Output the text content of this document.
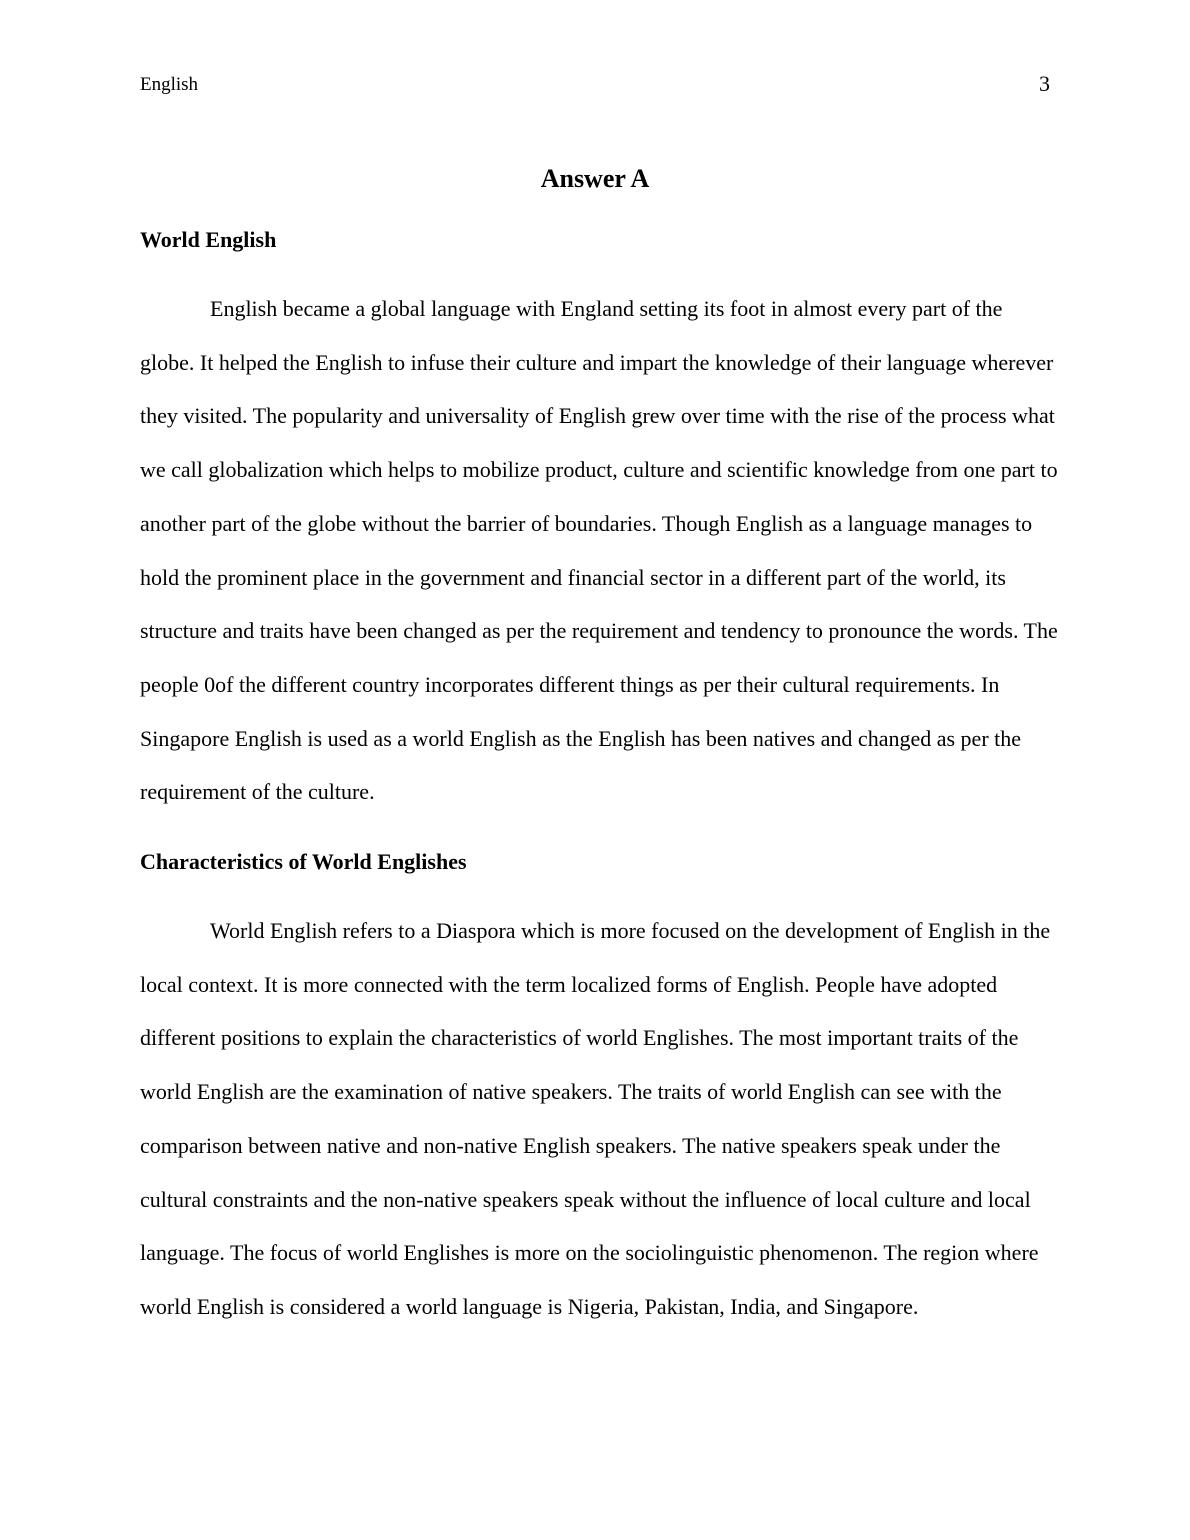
English	3
Answer A
World English

English became a global language with England setting its foot in almost every part of the globe. It helped the English to infuse their culture and impart the knowledge of their language wherever they visited. The popularity and universality of English grew over time with the rise of the process what we call globalization which helps to mobilize product, culture and scientific knowledge from one part to another part of the globe without the barrier of boundaries. Though English as a language manages to hold the prominent place in the government and financial sector in a different part of the world, its structure and traits have been changed as per the requirement and tendency to pronounce the words. The people 0of the different country incorporates different things as per their cultural requirements. In Singapore English is used as a world English as the English has been natives and changed as per the requirement of the culture.

Characteristics of World Englishes

World English refers to a Diaspora which is more focused on the development of English in the local context. It is more connected with the term localized forms of English. People have adopted different positions to explain the characteristics of world Englishes. The most important traits of the world English are the examination of native speakers. The traits of world English can see with the comparison between native and non-native English speakers. The native speakers speak under the cultural constraints and the non-native speakers speak without the influence of local culture and local language. The focus of world Englishes is more on the sociolinguistic phenomenon. The region where world English is considered a world language is Nigeria, Pakistan, India, and Singapore.
